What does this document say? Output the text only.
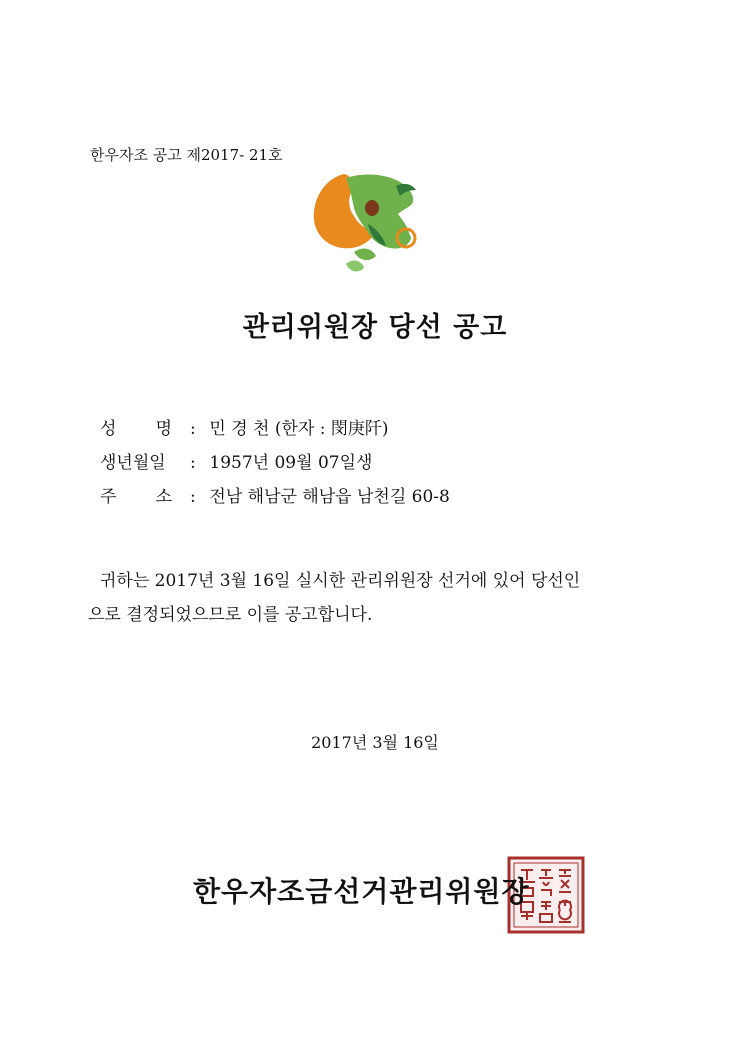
한우자조 공고 제2017- 21호
관리위원장 당선 공고
성 명 : 민 경 천 (한자 : 閔庚阡)
생년월일 : 1957년 09월 07일생
주 소 : 전남 해남군 해남읍 남천길 60-8
귀하는 2017년 3월 16일 실시한 관리위원장 선거에 있어 당선인
으로 결정되었으므로 이를 공고합니다.
2017년 3월 16일
한우자조금선거관리위원장
